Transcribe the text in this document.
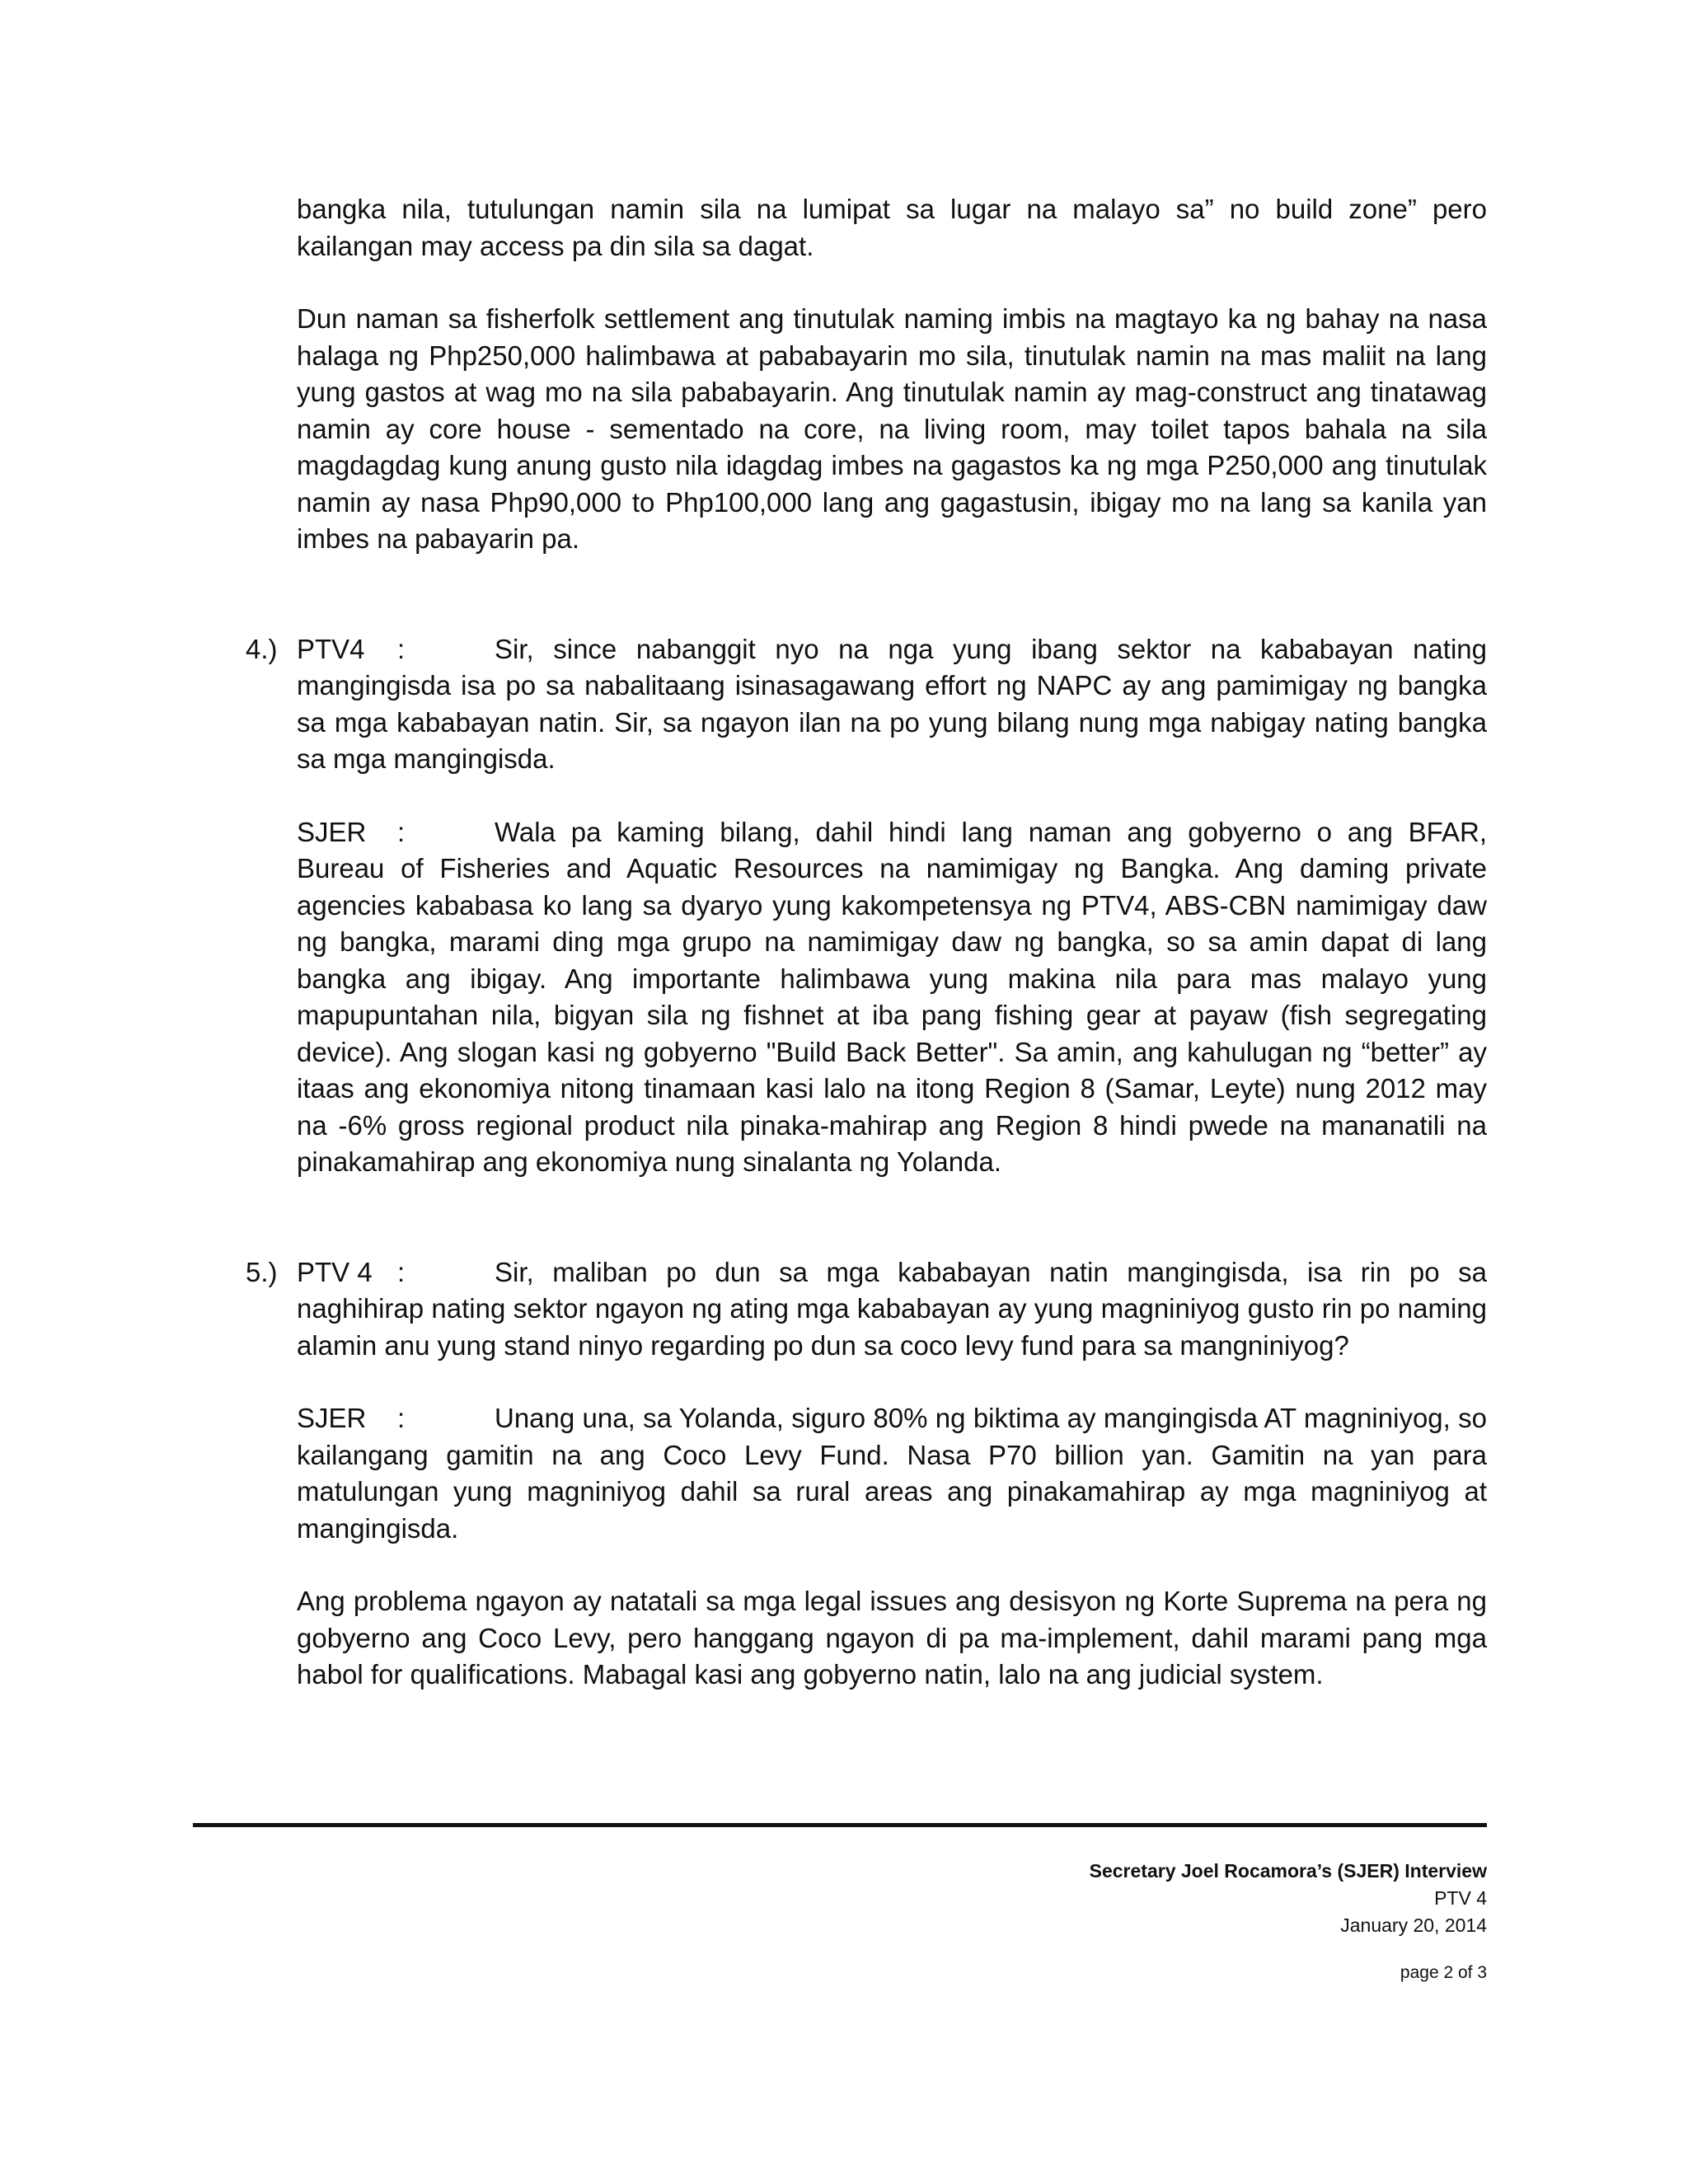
bangka nila, tutulungan namin sila na lumipat sa lugar na malayo sa” no build zone” pero kailangan may access pa din sila sa dagat.

Dun naman sa fisherfolk settlement ang tinutulak naming imbis na magtayo ka ng bahay na nasa halaga ng Php250,000 halimbawa at pababayarin mo sila, tinutulak namin na mas maliit na lang yung gastos at wag mo na sila pababayarin. Ang tinutulak namin ay mag-construct ang tinatawag namin ay core house - sementado na core, na living room, may toilet tapos bahala na sila magdagdag kung anung gusto nila idagdag imbes na gagastos ka ng mga P250,000 ang tinutulak namin ay nasa Php90,000 to Php100,000 lang ang gagastusin, ibigay mo na lang sa kanila yan imbes na pabayarin pa.

4.) PTV4 :	Sir, since nabanggit nyo na nga yung ibang sektor na kababayan nating mangingisda isa po sa nabalitaang isinasagawang effort ng NAPC ay ang pamimigay ng bangka sa mga kababayan natin. Sir, sa ngayon ilan na po yung bilang nung mga nabigay nating bangka sa mga mangingisda.

SJER :	Wala pa kaming bilang, dahil hindi lang naman ang gobyerno o ang BFAR, Bureau of Fisheries and Aquatic Resources na namimigay ng Bangka. Ang daming private agencies kababasa ko lang sa dyaryo yung kakompetensya ng PTV4, ABS-CBN namimigay daw ng bangka, marami ding mga grupo na namimigay daw ng bangka, so sa amin dapat di lang bangka ang ibigay. Ang importante halimbawa yung makina nila para mas malayo yung mapupuntahan nila, bigyan sila ng fishnet at iba pang fishing gear at payaw (fish segregating device). Ang slogan kasi ng gobyerno "Build Back Better". Sa amin, ang kahulugan ng “better” ay itaas ang ekonomiya nitong tinamaan kasi lalo na itong Region 8 (Samar, Leyte) nung 2012 may na -6% gross regional product nila pinaka-mahirap ang Region 8 hindi pwede na mananatili na pinakamahirap ang ekonomiya nung sinalanta ng Yolanda.

5.) PTV 4 :	Sir, maliban po dun sa mga kababayan natin mangingisda, isa rin po sa naghihirap nating sektor ngayon ng ating mga kababayan ay yung magniniyog gusto rin po naming alamin anu yung stand ninyo regarding po dun sa coco levy fund para sa mangniniyog?

SJER :	Unang una, sa Yolanda, siguro 80% ng biktima ay mangingisda AT magniniyog, so kailangang gamitin na ang Coco Levy Fund. Nasa P70 billion yan. Gamitin na yan para matulungan yung magniniyog dahil sa rural areas ang pinakamahirap ay mga magniniyog at mangingisda.

Ang problema ngayon ay natatali sa mga legal issues ang desisyon ng Korte Suprema na pera ng gobyerno ang Coco Levy, pero hanggang ngayon di pa ma-implement, dahil marami pang mga habol for qualifications. Mabagal kasi ang gobyerno natin, lalo na ang judicial system.

Secretary Joel Rocamora’s (SJER) Interview
PTV 4
January 20, 2014
page 2 of 3
